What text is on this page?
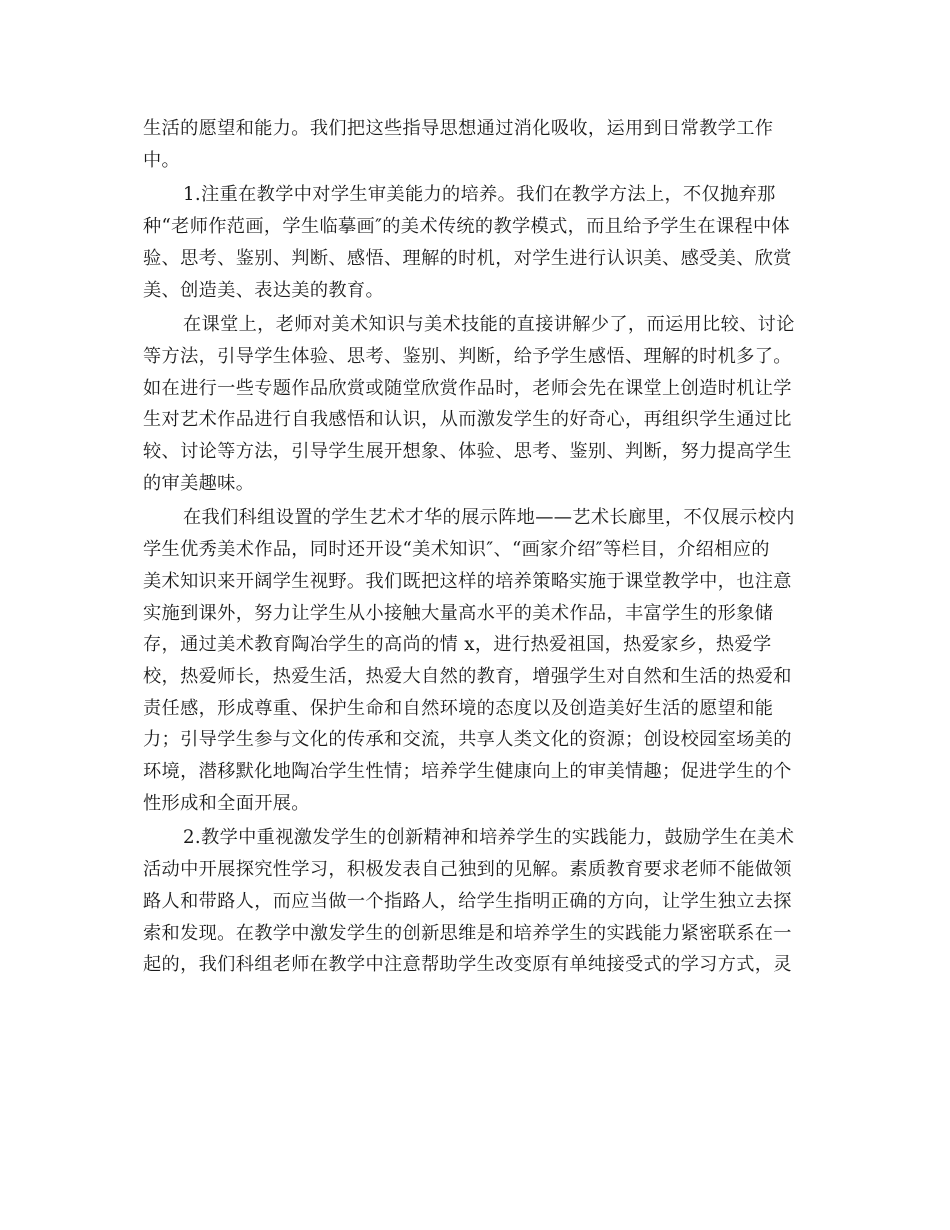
生活的愿望和能力。我们把这些指导思想通过消化吸收，运用到日常教学工作
中。

1.注重在教学中对学生审美能力的培养。我们在教学方法上，不仅抛弃那
种“老师作范画，学生临摹画″的美术传统的教学模式，而且给予学生在课程中体
验、思考、鉴别、判断、感悟、理解的时机，对学生进行认识美、感受美、欣赏
美、创造美、表达美的教育。

在课堂上，老师对美术知识与美术技能的直接讲解少了，而运用比较、讨论
等方法，引导学生体验、思考、鉴别、判断，给予学生感悟、理解的时机多了。
如在进行一些专题作品欣赏或随堂欣赏作品时，老师会先在课堂上创造时机让学
生对艺术作品进行自我感悟和认识，从而激发学生的好奇心，再组织学生通过比
较、讨论等方法，引导学生展开想象、体验、思考、鉴别、判断，努力提高学生
的审美趣味。

在我们科组设置的学生艺术才华的展示阵地——艺术长廊里，不仅展示校内
学生优秀美术作品，同时还开设“美术知识″、“画家介绍″等栏目，介绍相应的
美术知识来开阔学生视野。我们既把这样的培养策略实施于课堂教学中，也注意
实施到课外，努力让学生从小接触大量高水平的美术作品，丰富学生的形象储
存，通过美术教育陶冶学生的高尚的情 x，进行热爱祖国，热爱家乡，热爱学
校，热爱师长，热爱生活，热爱大自然的教育，增强学生对自然和生活的热爱和
责任感，形成尊重、保护生命和自然环境的态度以及创造美好生活的愿望和能
力；引导学生参与文化的传承和交流，共享人类文化的资源；创设校园室场美的
环境，潜移默化地陶冶学生性情；培养学生健康向上的审美情趣；促进学生的个
性形成和全面开展。

2.教学中重视激发学生的创新精神和培养学生的实践能力，鼓励学生在美术
活动中开展探究性学习，积极发表自己独到的见解。素质教育要求老师不能做领
路人和带路人，而应当做一个指路人，给学生指明正确的方向，让学生独立去探
索和发现。在教学中激发学生的创新思维是和培养学生的实践能力紧密联系在一
起的，我们科组老师在教学中注意帮助学生改变原有单纯接受式的学习方式，灵
